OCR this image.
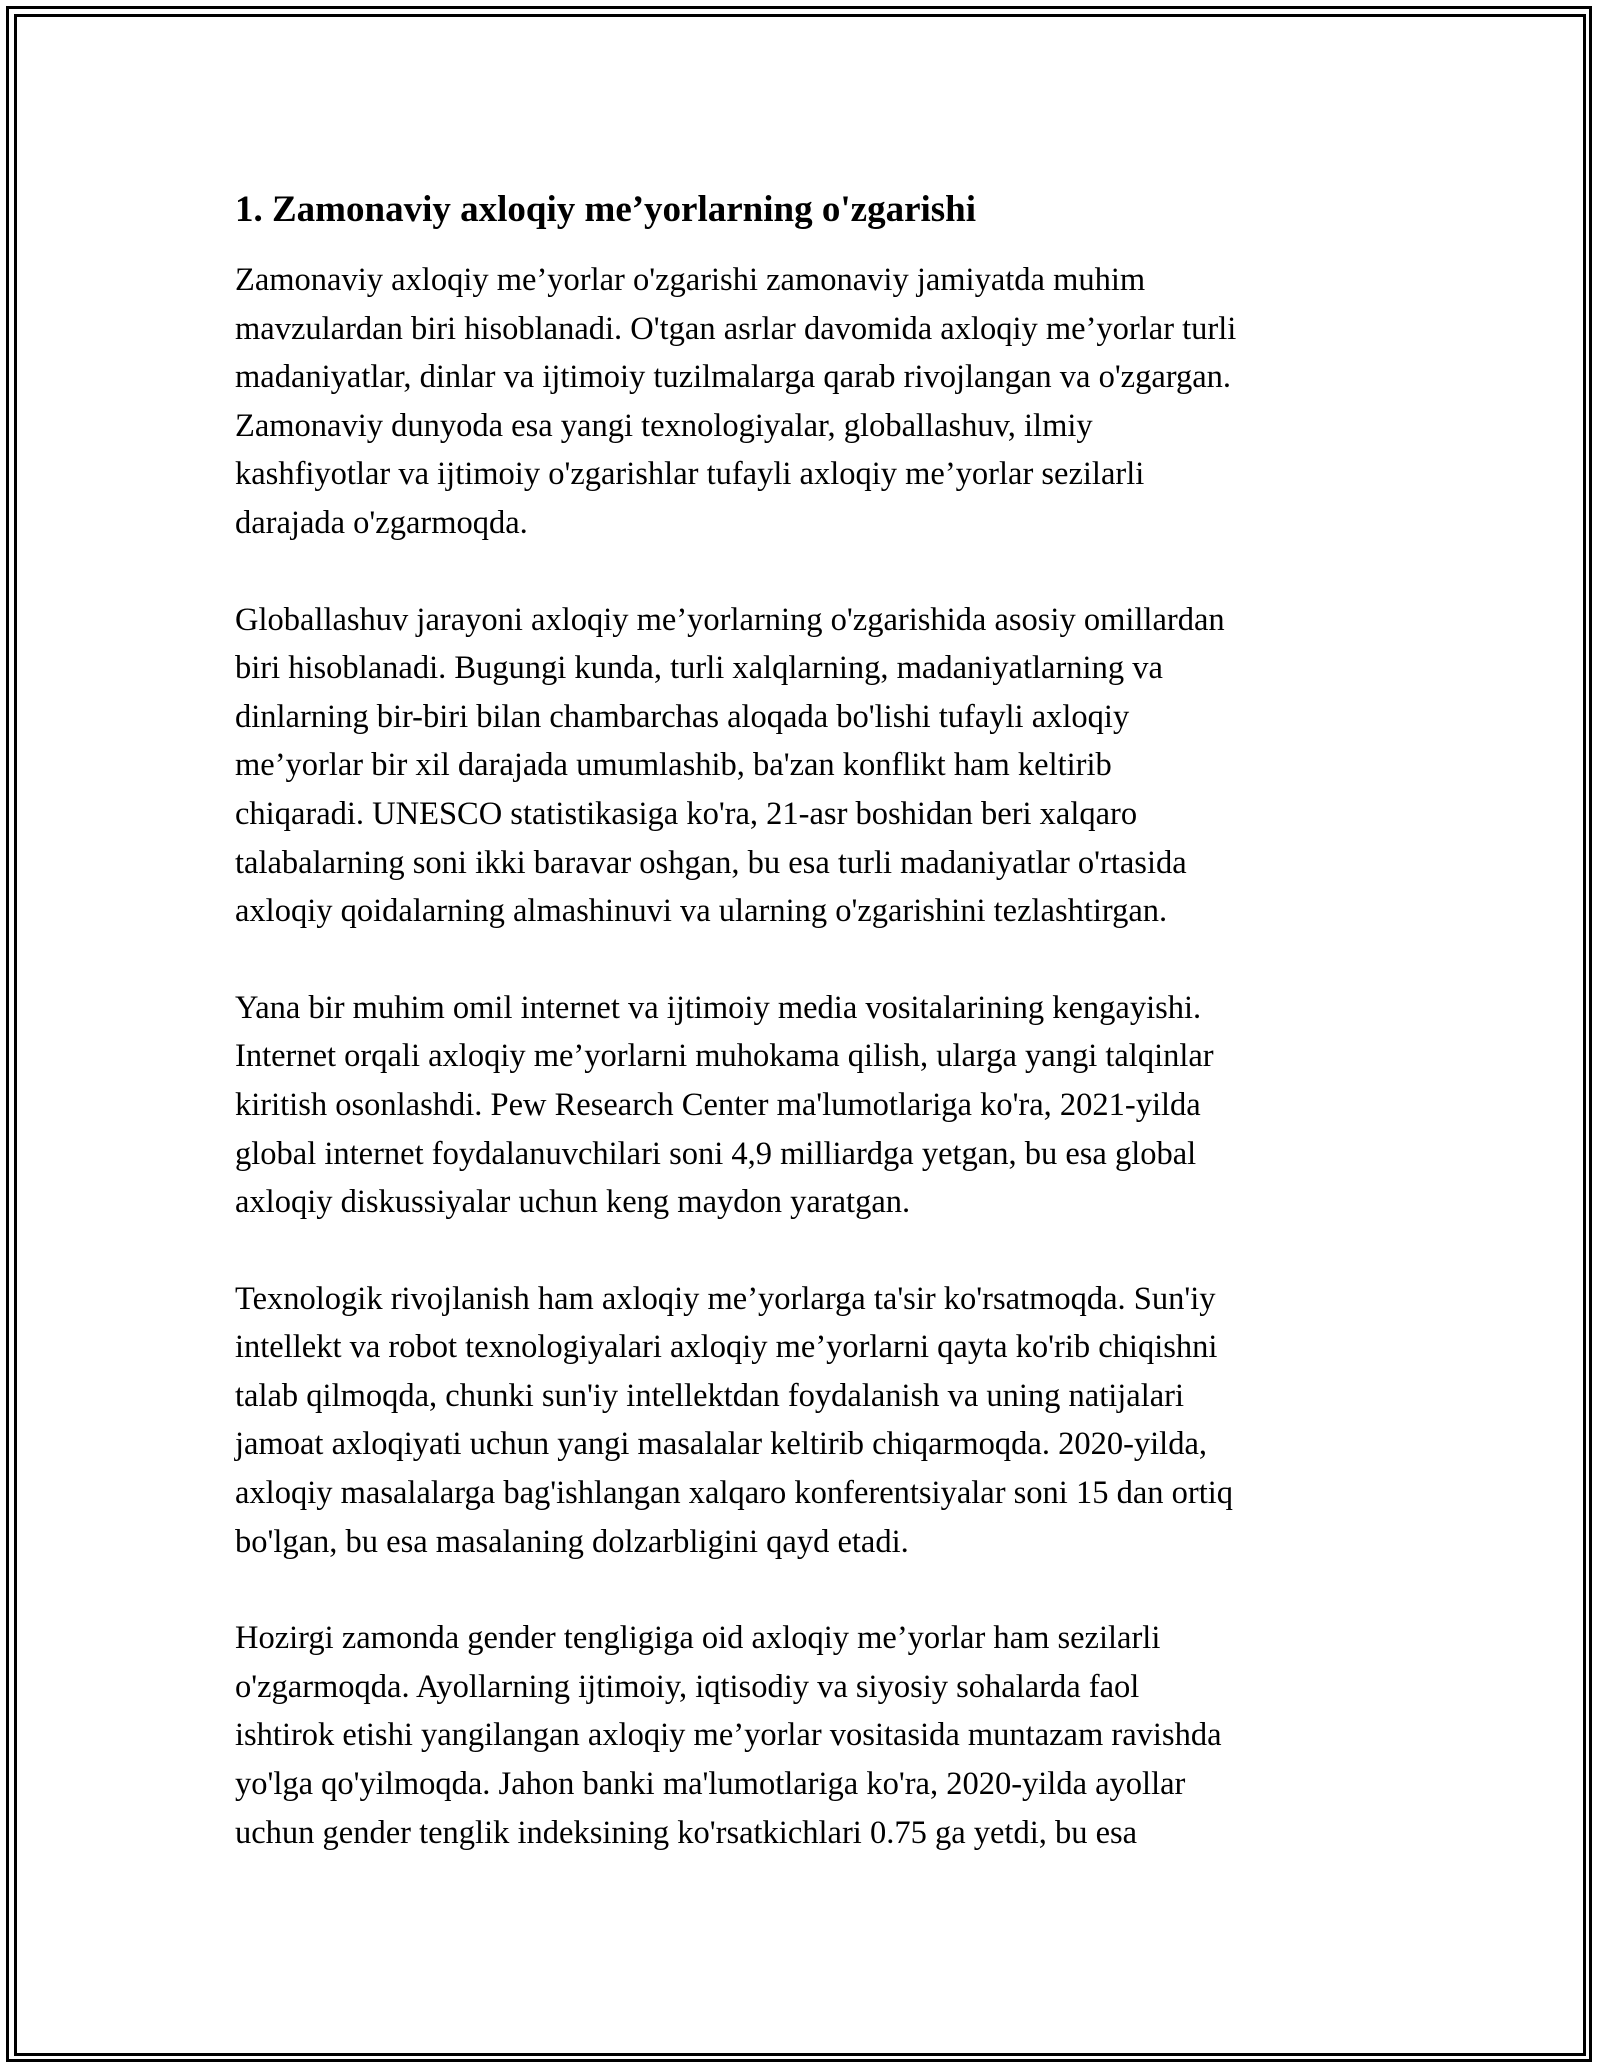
1. Zamonaviy axloqiy me’yorlarning o'zgarishi
Zamonaviy axloqiy me’yorlar o'zgarishi zamonaviy jamiyatda muhim
mavzulardan biri hisoblanadi. O'tgan asrlar davomida axloqiy me’yorlar turli
madaniyatlar, dinlar va ijtimoiy tuzilmalarga qarab rivojlangan va o'zgargan.
Zamonaviy dunyoda esa yangi texnologiyalar, globallashuv, ilmiy
kashfiyotlar va ijtimoiy o'zgarishlar tufayli axloqiy me’yorlar sezilarli
darajada o'zgarmoqda.
Globallashuv jarayoni axloqiy me’yorlarning o'zgarishida asosiy omillardan
biri hisoblanadi. Bugungi kunda, turli xalqlarning, madaniyatlarning va
dinlarning bir-biri bilan chambarchas aloqada bo'lishi tufayli axloqiy
me’yorlar bir xil darajada umumlashib, ba'zan konflikt ham keltirib
chiqaradi. UNESCO statistikasiga ko'ra, 21-asr boshidan beri xalqaro
talabalarning soni ikki baravar oshgan, bu esa turli madaniyatlar o'rtasida
axloqiy qoidalarning almashinuvi va ularning o'zgarishini tezlashtirgan.
Yana bir muhim omil internet va ijtimoiy media vositalarining kengayishi.
Internet orqali axloqiy me’yorlarni muhokama qilish, ularga yangi talqinlar
kiritish osonlashdi. Pew Research Center ma'lumotlariga ko'ra, 2021-yilda
global internet foydalanuvchilari soni 4,9 milliardga yetgan, bu esa global
axloqiy diskussiyalar uchun keng maydon yaratgan.
Texnologik rivojlanish ham axloqiy me’yorlarga ta'sir ko'rsatmoqda. Sun'iy
intellekt va robot texnologiyalari axloqiy me’yorlarni qayta ko'rib chiqishni
talab qilmoqda, chunki sun'iy intellektdan foydalanish va uning natijalari
jamoat axloqiyati uchun yangi masalalar keltirib chiqarmoqda. 2020-yilda,
axloqiy masalalarga bag'ishlangan xalqaro konferentsiyalar soni 15 dan ortiq
bo'lgan, bu esa masalaning dolzarbligini qayd etadi.
Hozirgi zamonda gender tengligiga oid axloqiy me’yorlar ham sezilarli
o'zgarmoqda. Ayollarning ijtimoiy, iqtisodiy va siyosiy sohalarda faol
ishtirok etishi yangilangan axloqiy me’yorlar vositasida muntazam ravishda
yo'lga qo'yilmoqda. Jahon banki ma'lumotlariga ko'ra, 2020-yilda ayollar
uchun gender tenglik indeksining ko'rsatkichlari 0.75 ga yetdi, bu esa
